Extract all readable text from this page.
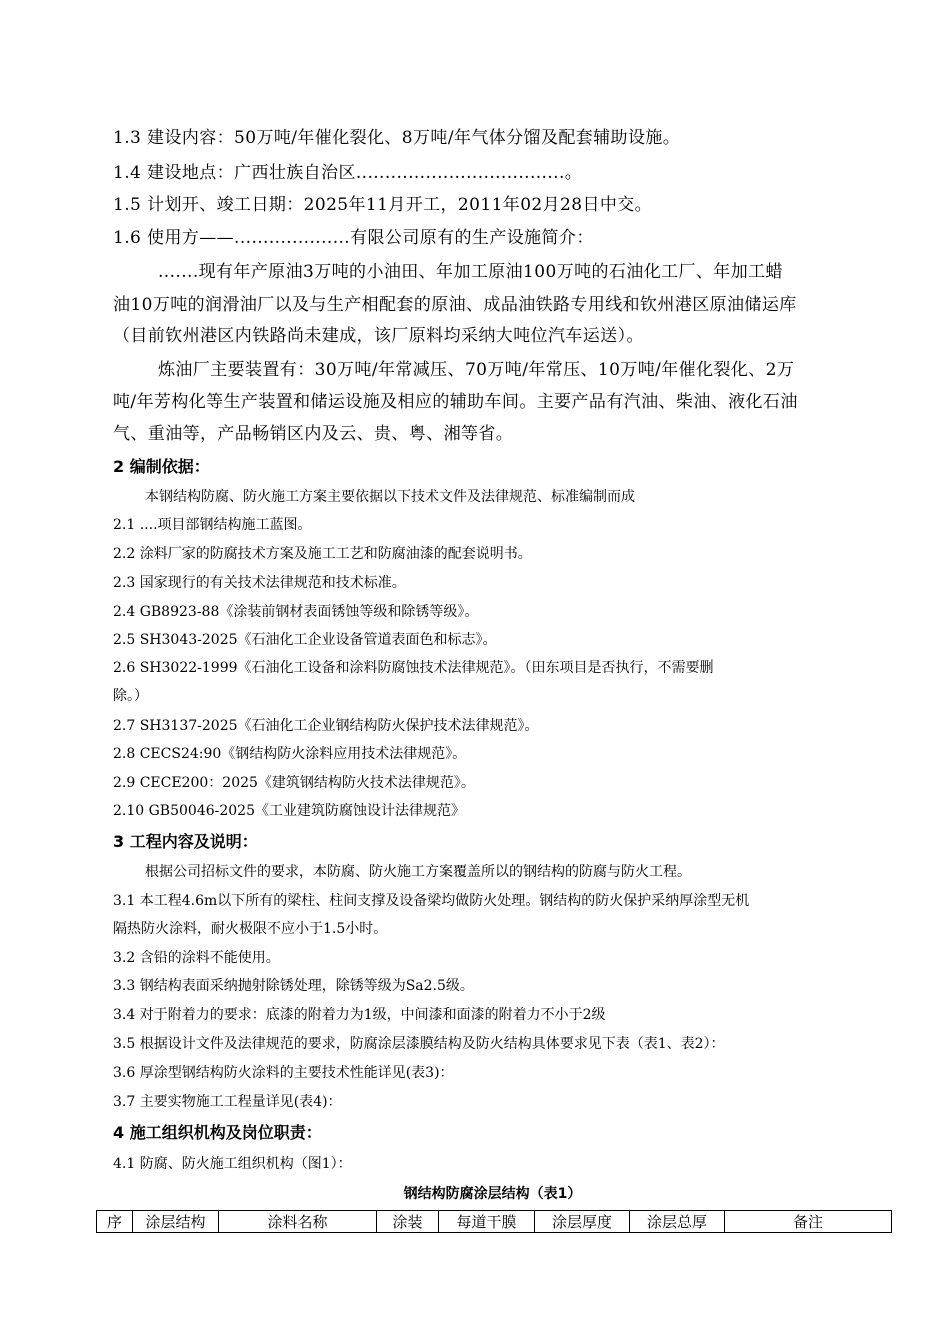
1.3 建设内容：50万吨/年催化裂化、8万吨/年气体分馏及配套辅助设施。
1.4 建设地点：广西壮族自治区....................................。
1.5 计划开、竣工日期：2025年11月开工，2011年02月28日中交。
1.6 使用方——....................有限公司原有的生产设施简介：
.......现有年产原油3万吨的小油田、年加工原油100万吨的石油化工厂、年加工蜡
油10万吨的润滑油厂以及与生产相配套的原油、成品油铁路专用线和钦州港区原油储运库
（目前钦州港区内铁路尚未建成，该厂原料均采纳大吨位汽车运送）。
炼油厂主要装置有：30万吨/年常减压、70万吨/年常压、10万吨/年催化裂化、2万
吨/年芳构化等生产装置和储运设施及相应的辅助车间。主要产品有汽油、柴油、液化石油
气、重油等，产品畅销区内及云、贵、粤、湘等省。
2 编制依据：
本钢结构防腐、防火施工方案主要依据以下技术文件及法律规范、标准编制而成
2.1 ....项目部钢结构施工蓝图。
2.2 涂料厂家的防腐技术方案及施工工艺和防腐油漆的配套说明书。
2.3 国家现行的有关技术法律规范和技术标准。
2.4 GB8923-88《涂装前钢材表面锈蚀等级和除锈等级》。
2.5 SH3043-2025《石油化工企业设备管道表面色和标志》。
2.6 SH3022-1999《石油化工设备和涂料防腐蚀技术法律规范》。（田东项目是否执行，不需要删
除。）
2.7 SH3137-2025《石油化工企业钢结构防火保护技术法律规范》。
2.8 CECS24:90《钢结构防火涂料应用技术法律规范》。
2.9 CECE200：2025《建筑钢结构防火技术法律规范》。
2.10 GB50046-2025《工业建筑防腐蚀设计法律规范》
3 工程内容及说明：
根据公司招标文件的要求，本防腐、防火施工方案覆盖所以的钢结构的防腐与防火工程。
3.1 本工程4.6m以下所有的梁柱、柱间支撑及设备梁均做防火处理。钢结构的防火保护采纳厚涂型无机
隔热防火涂料，耐火极限不应小于1.5小时。
3.2 含铅的涂料不能使用。
3.3 钢结构表面采纳抛射除锈处理，除锈等级为Sa2.5级。
3.4 对于附着力的要求：底漆的附着力为1级，中间漆和面漆的附着力不小于2级
3.5 根据设计文件及法律规范的要求，防腐涂层漆膜结构及防火结构具体要求见下表（表1、表2）：
3.6 厚涂型钢结构防火涂料的主要技术性能详见(表3)：
3.7 主要实物施工工程量详见(表4)：
4 施工组织机构及岗位职责：
4.1 防腐、防火施工组织机构（图1）：
钢结构防腐涂层结构（表1）
序	涂层结构	涂料名称	涂装	每道干膜	涂层厚度	涂层总厚	备注
